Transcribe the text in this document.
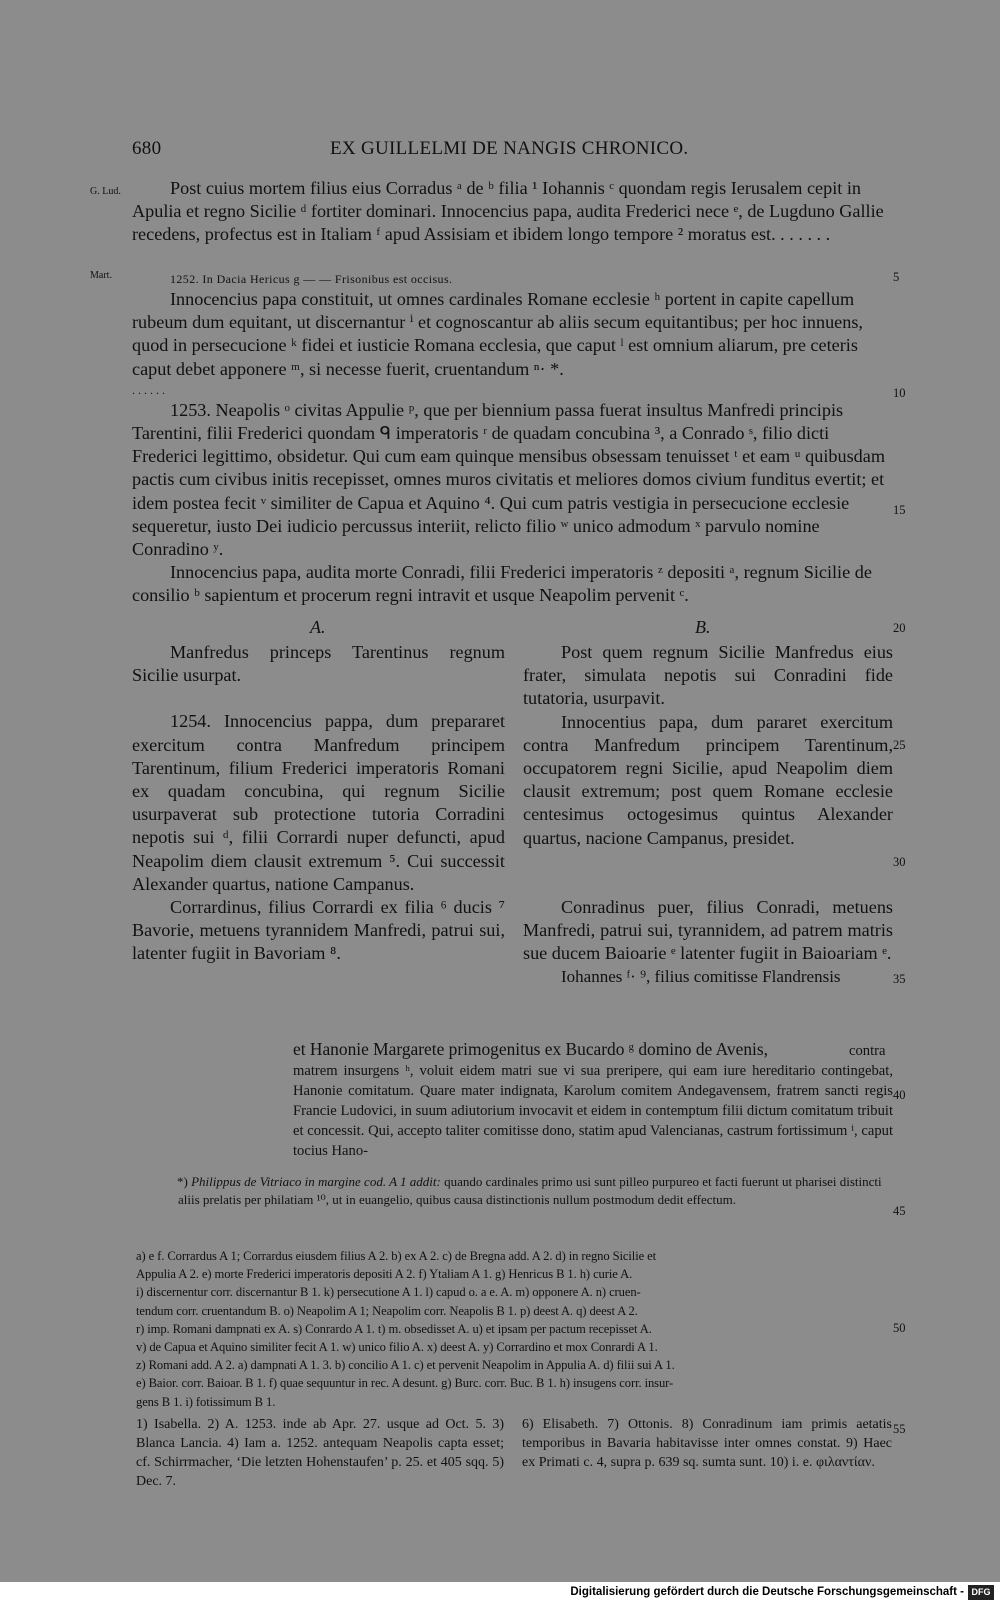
680	EX GUILLELMI DE NANGIS CHRONICO.
G. Lud.
Mart.	5
10
15
20
25
30
35
40
45
50
55

Post cuius mortem filius eius Corradus ᵃ de ᵇ filia ¹ Iohannis ᶜ quondam regis Ierusalem cepit in Apulia et regno Sicilie ᵈ fortiter dominari. Innocencius papa, audita Frederici nece ᵉ, de Lugduno Gallie recedens, profectus est in Italiam ᶠ apud Assisiam et ibidem longo tempore ² moratus est. . . . . . .

1252. In Dacia Hericus g — — Frisonibus est occisus.

Innocencius papa constituit, ut omnes cardinales Romane ecclesie ʰ portent in capite capellum rubeum dum equitant, ut discernantur ⁱ et cognoscantur ab aliis secum equitantibus; per hoc innuens, quod in persecucione ᵏ fidei et iusticie Romana ecclesia, que caput ˡ est omnium aliarum, pre ceteris caput debet apponere ᵐ, si necesse fuerit, cruentandum ⁿ· *.

. . . . . .

1253. Neapolis ᵒ civitas Appulie ᵖ, que per biennium passa fuerat insultus Manfredi principis Tarentini, filii Frederici quondam ᑫ imperatoris ʳ de quadam concubina ³, a Conrado ˢ, filio dicti Frederici legittimo, obsidetur. Qui cum eam quinque mensibus obsessam tenuisset ᵗ et eam ᵘ quibusdam pactis cum civibus initis recepisset, omnes muros civitatis et meliores domos civium funditus evertit; et idem postea fecit ᵛ similiter de Capua et Aquino ⁴. Qui cum patris vestigia in persecucione ecclesie sequeretur, iusto Dei iudicio percussus interiit, relicto filio ʷ unico admodum ˣ parvulo nomine Conradino ʸ.

Innocencius papa, audita morte Conradi, filii Frederici imperatoris ᶻ depositi ᵃ, regnum Sicilie de consilio ᵇ sapientum et procerum regni intravit et usque Neapolim pervenit ᶜ.

A.	B.

Manfredus princeps Tarentinus regnum Sicilie usurpat.

1254. Innocencius pappa, dum prepararet exercitum contra Manfredum principem Tarentinum, filium Frederici imperatoris Romani ex quadam concubina, qui regnum Sicilie usurpaverat sub protectione tutoria Corradini nepotis sui ᵈ, filii Corrardi nuper defuncti, apud Neapolim diem clausit extremum ⁵. Cui successit Alexander quartus, natione Campanus.

Corrardinus, filius Corrardi ex filia ⁶ ducis ⁷ Bavorie, metuens tyrannidem Manfredi, patrui sui, latenter fugiit in Bavoriam ⁸.

Post quem regnum Sicilie Manfredus eius frater, simulata nepotis sui Conradini fide tutatoria, usurpavit.

Innocentius papa, dum pararet exercitum contra Manfredum principem Tarentinum, occupatorem regni Sicilie, apud Neapolim diem clausit extremum; post quem Romane ecclesie centesimus octogesimus quintus Alexander quartus, nacione Campanus, presidet.

Conradinus puer, filius Conradi, metuens Manfredi, patrui sui, tyrannidem, ad patrem matris sue ducem Baioarie ᵉ latenter fugiit in Baioariam ᵉ.

Iohannes ᶠ· ⁹, filius comitisse Flandrensis

et Hanonie Margarete primogenitus ex Bucardo ᵍ domino de Avenis,	contra matrem insurgens ʰ, voluit eidem matri sue vi sua preripere, qui eam iure hereditario contingebat, Hanonie comitatum. Quare mater indignata, Karolum comitem Andegavensem, fratrem sancti regis Francie Ludovici, in suum adiutorium invocavit et eidem in contemptum filii dictum comitatum tribuit et concessit. Qui, accepto taliter comitisse dono, statim apud Valencianas, castrum fortissimum ⁱ, caput tocius Hano-

*) Philippus de Vitriaco in margine cod. A 1 addit: quando cardinales primo usi sunt pilleo purpureo et facti fuerunt ut pharisei distincti aliis prelatis per philatiam ¹⁰, ut in euangelio, quibus causa distinctionis nullum postmodum dedit effectum.

a) e f. Corrardus A 1; Corrardus eiusdem filius A 2. b) ex A 2. c) de Bregna add. A 2. d) in regno Sicilie et

Appulia A 2. e) morte Frederici imperatoris depositi A 2. f) Ytaliam A 1. g) Henricus B 1. h) curie A.

i) discernentur corr. discernantur B 1. k) persecutione A 1. l) capud o. a e. A. m) opponere A. n) cruen-

tendum corr. cruentandum B. o) Neapolim A 1; Neapolim corr. Neapolis B 1. p) deest A. q) deest A 2.

r) imp. Romani dampnati ex A. s) Conrardo A 1. t) m. obsedisset A. u) et ipsam per pactum recepisset A.

v) de Capua et Aquino similiter fecit A 1. w) unico filio A. x) deest A. y) Corrardino et mox Conrardi A 1.

z) Romani add. A 2. a) dampnati A 1. 3. b) concilio A 1. c) et pervenit Neapolim in Appulia A. d) filii sui A 1.

e) Baior. corr. Baioar. B 1. f) quae sequuntur in rec. A desunt. g) Burc. corr. Buc. B 1. h) insugens corr. insur-

gens B 1. i) fotissimum B 1.

1) Isabella. 2) A. 1253. inde ab Apr. 27. usque ad Oct. 5. 3) Blanca Lancia. 4) Iam a. 1252. antequam Neapolis capta esset; cf. Schirrmacher, ‘Die letzten Hohenstaufen’ p. 25. et 405 sqq. 5) Dec. 7.
6) Elisabeth. 7) Ottonis. 8) Conradinum iam primis aetatis temporibus in Bavaria habitavisse inter omnes constat. 9) Haec ex Primati c. 4, supra p. 639 sq. sumta sunt. 10) i. e. φιλαντίαν.
Digitalisierung gefördert durch die Deutsche Forschungsgemeinschaft - DFG
